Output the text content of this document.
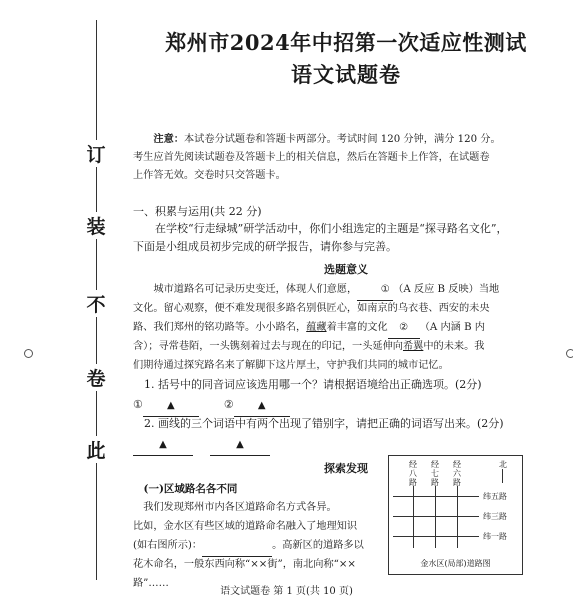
订
装
不
卷
此
郑州市2024年中招第一次适应性测试
语文试题卷
注意：本试卷分试题卷和答题卡两部分。考试时间 120 分钟，满分 120 分。
考生应首先阅读试题卷及答题卡上的相关信息，然后在答题卡上作答，在试题卷
上作答无效。交卷时只交答题卡。
一、积累与运用(共 22 分)
在学校“行走绿城”研学活动中，你们小组选定的主题是“探寻路名文化”，
下面是小组成员初步完成的研学报告，请你参与完善。
选题意义
城市道路名可记录历史变迁，体现人们意愿， ① （A 反应 B 反映）当地
文化。留心观察，便不难发现很多路名别俱匠心，如南京的乌衣巷、西安的未央
路、我们郑州的铭功路等。小小路名，蕴藏着丰富的文化 ② （A 内涵 B 内
含）；寻常巷陌，一头镌刻着过去与现在的印记，一头延伸向希翼中的未来。我
们期待通过探究路名来了解脚下这片厚土，守护我们共同的城市记忆。
1. 括号中的同音词应该选用哪一个？请根据语境给出正确选项。(2分)
① ▲	② ▲
2. 画线的三个词语中有两个出现了错别字，请把正确的词语写出来。(2分)
▲	▲
探索发现
(一)区域路名各不同
我们发现郑州市内各区道路命名方式各异。
比如，金水区有些区域的道路命名融入了地理知识
(如右图所示)：	。高新区的道路多以
花木命名，一般东西向称“××街”，南北向称“××
路”……
经八路
经七路
经六路
北
纬五路
纬三路
纬一路
金水区(局部)道路图
语文试题卷 第 1 页(共 10 页)
